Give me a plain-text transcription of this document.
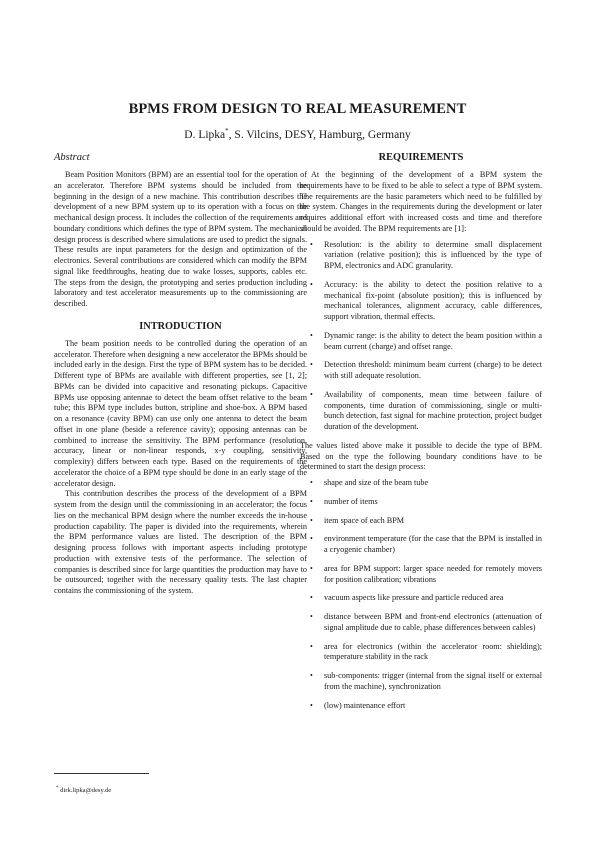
BPMS FROM DESIGN TO REAL MEASUREMENT

D. Lipka*, S. Vilcins, DESY, Hamburg, Germany

Abstract

Beam Position Monitors (BPM) are an essential tool for the operation of an accelerator. Therefore BPM systems should be included from the beginning in the design of a new machine. This contribution describes the development of a new BPM system up to its operation with a focus on the mechanical design process. It includes the collection of the requirements and boundary conditions which defines the type of BPM system. The mechanical design process is described where simulations are used to predict the signals. These results are input parameters for the design and optimization of the electronics. Several contributions are considered which can modify the BPM signal like feedthroughs, heating due to wake losses, supports, cables etc. The steps from the design, the prototyping and series production including laboratory and test accelerator measurements up to the commissioning are described.

INTRODUCTION

The beam position needs to be controlled during the operation of an accelerator. Therefore when designing a new accelerator the BPMs should be included early in the design. First the type of BPM system has to be decided. Different type of BPMs are available with different properties, see [1, 2]; BPMs can be divided into capacitive and resonating pickups. Capacitive BPMs use opposing antennae to detect the beam offset relative to the beam tube; this BPM type includes button, stripline and shoe-box. A BPM based on a resonance (cavity BPM) can use only one antenna to detect the beam offset in one plane (beside a reference cavity); opposing antennas can be combined to increase the sensitivity. The BPM performance (resolution, accuracy, linear or non-linear responds, x-y coupling, sensitivity, complexity) differs between each type. Based on the requirements of the accelerator the choice of a BPM type should be done in an early stage of the accelerator design.

This contribution describes the process of the development of a BPM system from the design until the commissioning in an accelerator; the focus lies on the mechanical BPM design where the number exceeds the in-house production capability. The paper is divided into the requirements, wherein the BPM performance values are listed. The description of the BPM designing process follows with important aspects including prototype production with extensive tests of the performance. The selection of companies is described since for large quantities the production may have to be outsourced; together with the necessary quality tests. The last chapter contains the commissioning of the system.

REQUIREMENTS

At the beginning of the development of a BPM system the requirements have to be fixed to be able to select a type of BPM system. The requirements are the basic parameters which need to be fulfilled by the system. Changes in the requirements during the development or later requires additional effort with increased costs and time and therefore should be avoided. The BPM requirements are [1]:

• Resolution: is the ability to determine small displacement variation (relative position); this is influenced by the type of BPM, electronics and ADC granularity.
• Accuracy: is the ability to detect the position relative to a mechanical fix-point (absolute position); this is influenced by mechanical tolerances, alignment accuracy, cable differences, support vibration, thermal effects.
• Dynamic range: is the ability to detect the beam position within a beam current (charge) and offset range.
• Detection threshold: minimum beam current (charge) to be detect with still adequate resolution.
• Availability of components, mean time between failure of components, time duration of commissioning, single or multi-bunch detection, fast signal for machine protection, project budget duration of the development.

The values listed above make it possible to decide the type of BPM. Based on the type the following boundary conditions have to be determined to start the design process:

• shape and size of the beam tube
• number of items
• item space of each BPM
• environment temperature (for the case that the BPM is installed in a cryogenic chamber)
• area for BPM support: larger space needed for remotely movers for position calibration; vibrations
• vacuum aspects like pressure and particle reduced area
• distance between BPM and front-end electronics (attenuation of signal amplitude due to cable, phase differences between cables)
• area for electronics (within the accelerator room: shielding); temperature stability in the rack
• sub-components: trigger (internal from the signal itself or external from the machine), synchronization
• (low) maintenance effort

* dirk.lipka@desy.de
